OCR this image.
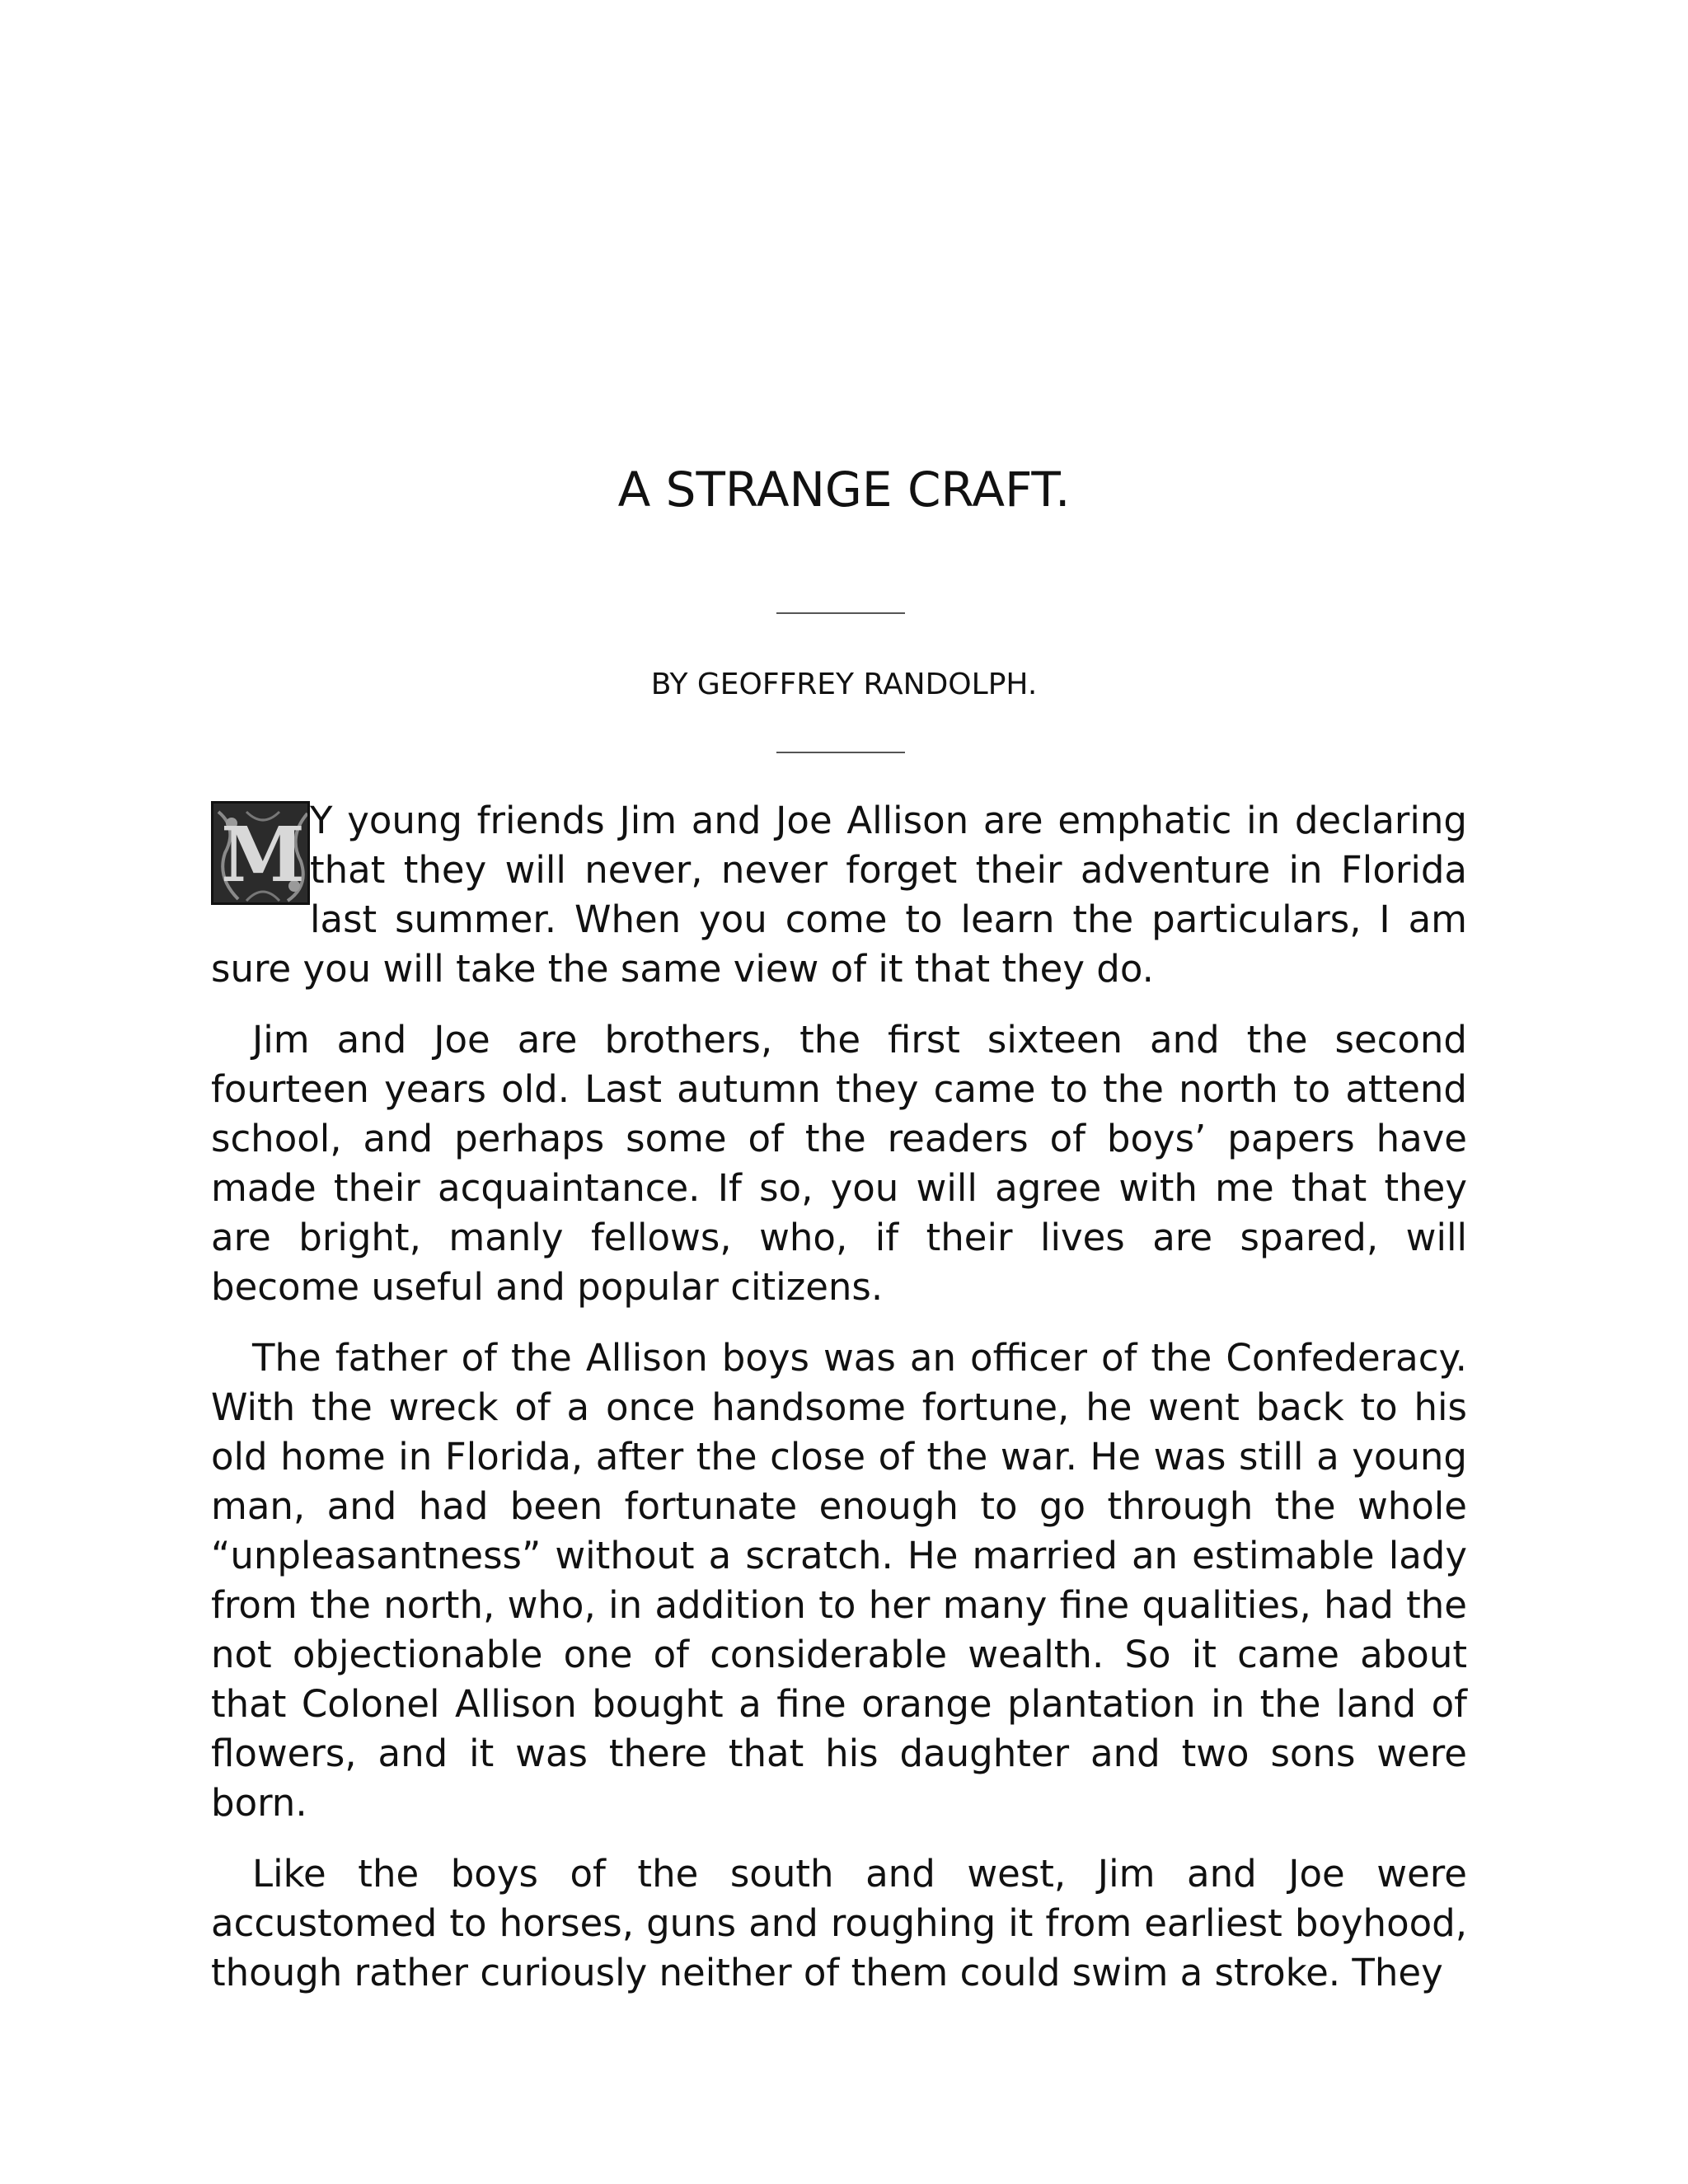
A STRANGE CRAFT.

BY GEOFFREY RANDOLPH.

M Y young friends Jim and Joe Allison are emphatic in declaring that they will never, never forget their adventure in Florida last summer. When you come to learn the particulars, I am sure you will take the same view of it that they do.

Jim and Joe are brothers, the first sixteen and the second fourteen years old. Last autumn they came to the north to attend school, and perhaps some of the readers of boys’ papers have made their acquaintance. If so, you will agree with me that they are bright, manly fellows, who, if their lives are spared, will become useful and popular citizens.

The father of the Allison boys was an officer of the Confederacy. With the wreck of a once handsome fortune, he went back to his old home in Florida, after the close of the war. He was still a young man, and had been fortunate enough to go through the whole “unpleasantness” without a scratch. He married an estimable lady from the north, who, in addition to her many fine qualities, had the not objectionable one of considerable wealth. So it came about that Colonel Allison bought a fine orange plantation in the land of flowers, and it was there that his daughter and two sons were born.

Like the boys of the south and west, Jim and Joe were accustomed to horses, guns and roughing it from earliest boyhood, though rather curiously neither of them could swim a stroke. They
